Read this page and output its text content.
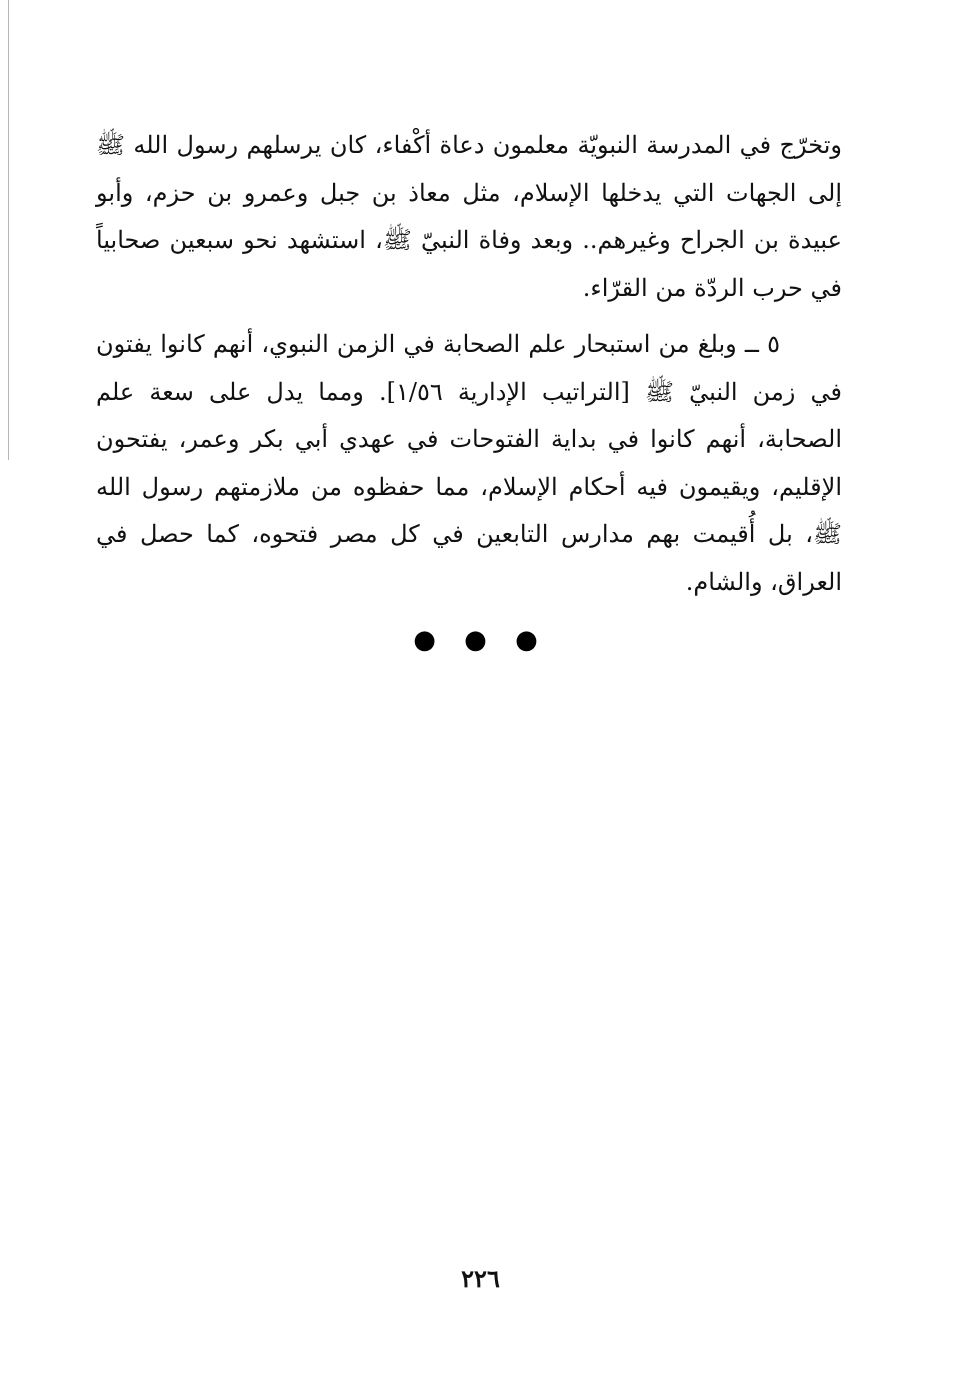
وتخرّج في المدرسة النبويّة معلمون دعاة أكْفاء، كان يرسلهم رسول الله ﷺ إلى الجهات التي يدخلها الإسلام، مثل معاذ بن جبل وعمرو بن حزم، وأبو عبيدة بن الجراح وغيرهم.. وبعد وفاة النبيّ ﷺ، استشهد نحو سبعين صحابياً في حرب الردّة من القرّاء.

٥ ــ وبلغ من استبحار علم الصحابة في الزمن النبوي، أنهم كانوا يفتون في زمن النبيّ ﷺ [التراتيب الإدارية ١/٥٦]. ومما يدل على سعة علم الصحابة، أنهم كانوا في بداية الفتوحات في عهدي أبي بكر وعمر، يفتحون الإقليم، ويقيمون فيه أحكام الإسلام، مما حفظوه من ملازمتهم رسول الله ﷺ، بل أُقيمت بهم مدارس التابعين في كل مصر فتحوه، كما حصل في العراق، والشام.

● ● ●
٢٢٦
